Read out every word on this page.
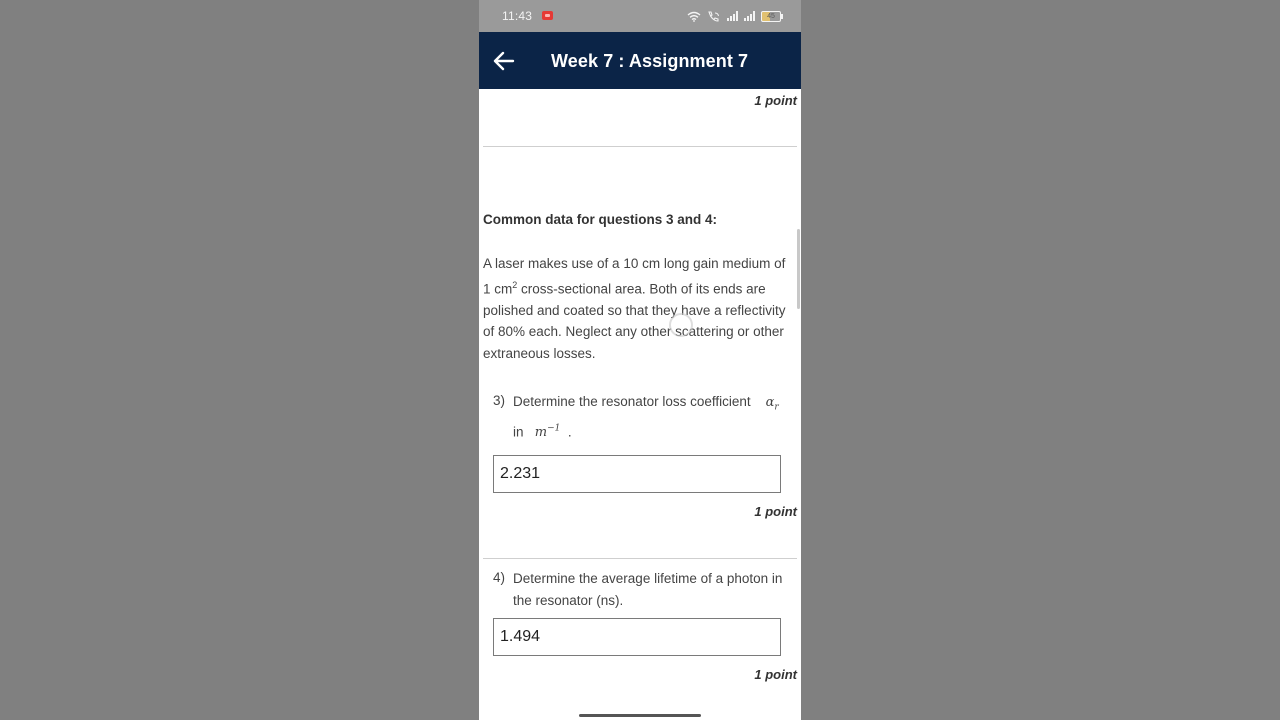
11:43	45
Week 7 : Assignment 7
1 point
Common data for questions 3 and 4:
A laser makes use of a 10 cm long gain medium of 1 $cm^2$ cross-sectional area. Both of its ends are polished and coated so that they have a reflectivity of 80% each. Neglect any other scattering or other extraneous losses.
3) Determine the resonator loss coefficient $\alpha_r$
in $m^{-1}$ .
2.231
1 point
4) Determine the average lifetime of a photon in the resonator (ns).
1.494
1 point
